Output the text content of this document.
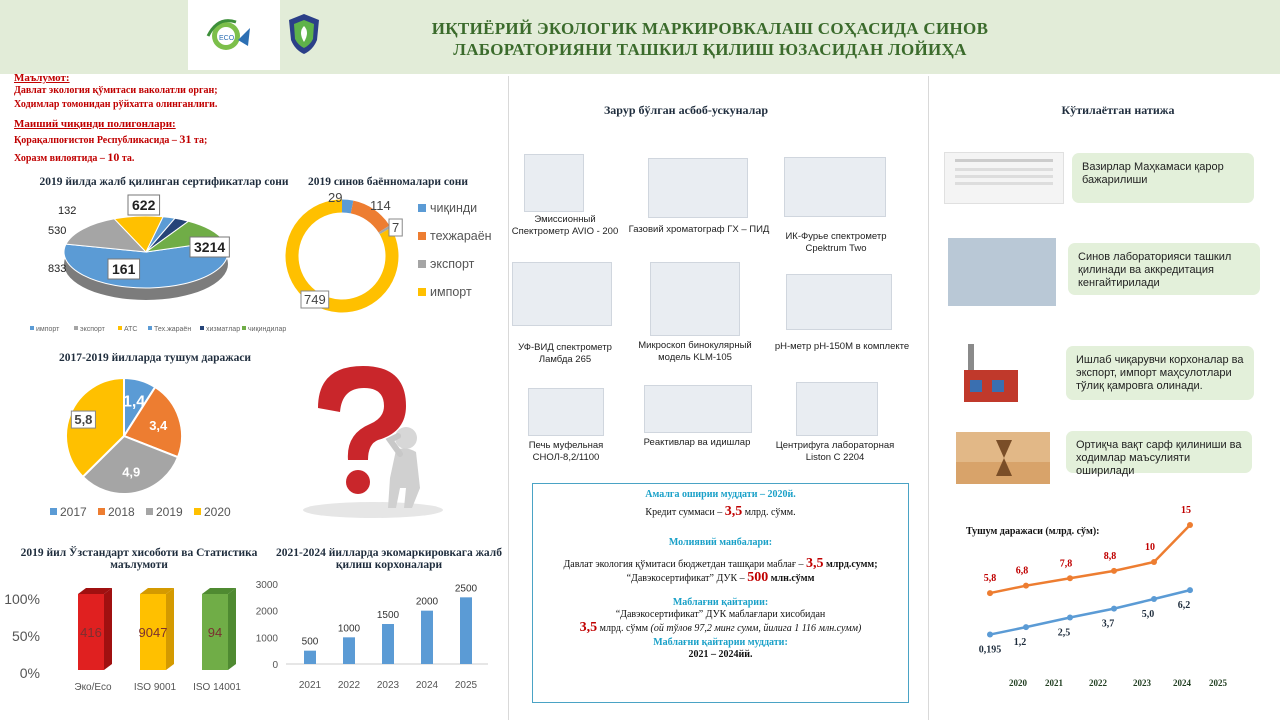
ECO
ИҚТИЁРИЙ ЭКОЛОГИК МАРКИРОВКАЛАШ СОҲАСИДА СИНОВ
ЛАБОРАТОРИЯНИ ТАШКИЛ ҚИЛИШ ЮЗАСИДАН ЛОЙИҲА
Маълумот:
Давлат экология қўмитаси ваколатли орган;
Ходимлар томонидан рўйхатга олинганлиги.
Маиший чиқинди полигонлари:
Қорақалпоғистон Республикасида – 31 та;
Хоразм вилоятида – 10 та.
2019 йилда жалб қилинган сертификатлар сони
3214
833
530
132
161
622
импорт	экспорт	АТС Тех.жараён хизматлар чиқиндилар
2019 синов баённомалари сони
29
114
7
749
чиқинди
техжараён
экспорт
импорт
2017-2019 йилларда тушум даражаси
1,4
3,4
4,9
5,8
2017 2018 2019 2020
2019 йил Ўзстандарт хисоботи ва Статистика маълумоти
100%
50%
0%
416
Эко/Eco
9047
ISO 9001
94
ISO 14001
2021-2024 йилларда экомаркировкага жалб қилиш корхоналари
0
1000
2000
3000
500
2021
1000
2022
1500
2023
2000
2024
2500
2025
Зарур бўлган асбоб-ускуналар
Эмиссионный Спектрометр AVIO - 200	Газовий хроматограф ГХ – ПИД
ИК-Фурье спектрометр Cpektrum Two
УФ-ВИД спектрометр Ламбда 265
Микроскоп бинокулярный модель KLM-105
pH-метр pH-150M в комплекте
Печь муфельная СНОЛ-8,2/1100
Реактивлар ва идишлар	Центрифуга лабораторная Liston C 2204
Амалга оширии муддати – 2020й.
Кредит суммаси – 3,5 млрд. сўмм.
Молиявий манбалари:
Давлат экология қўмитаси бюджетдан ташқари маблағ – 3,5 млрд.сумм;
“Давэкосертификат” ДУК – 500 млн.сўмм
Маблағни қайтарии:
“Давэкосертификат” ДУК маблағлари хисобидан
3,5 млрд. сўмм (ой тўлов 97,2 минг сумм, йилига 1 116 млн.сумм)
Маблағни қайтарии муддати:
2021 – 2024йй.
Кўтилаётган натижа
Вазирлар Маҳкамаси қарор бажарилиши
Синов лабораторияси ташкил қилинади ва аккредитация кенгайтирилади
Ишлаб чиқарувчи корхоналар ва экспорт, импорт маҳсулотлари тўлиқ қамровга олинади.
Ортиқча вақт сарф қилиниши ва ходимлар маъсулияти оширилади
Тушум даражаси (млрд. сўм):
5,8
6,8
7,8
8,8
10
15
0,195
1,2
2,5
3,7
5,0
6,2
2020 2021	2022	2023 2024 2025
